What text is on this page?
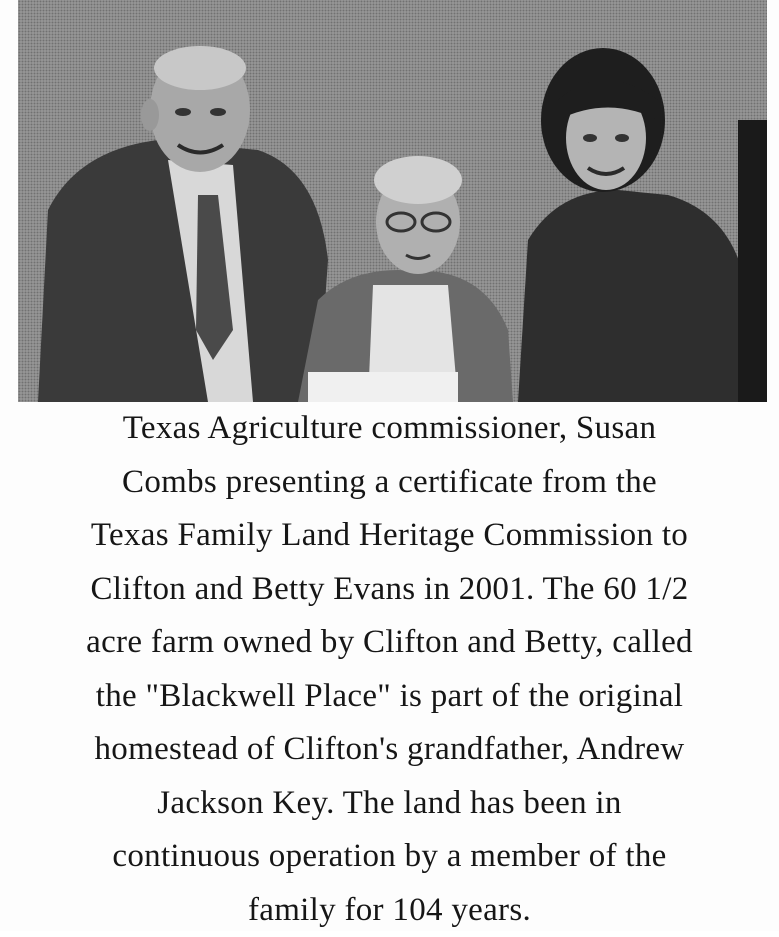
Texas Agriculture commissioner, Susan
Combs presenting a certificate from the
Texas Family Land Heritage Commission to
Clifton and Betty Evans in 2001. The 60 1/2
acre farm owned by Clifton and Betty, called
the "Blackwell Place" is part of the original
homestead of Clifton's grandfather, Andrew
Jackson Key. The land has been in
continuous operation by a member of the
family for 104 years.
